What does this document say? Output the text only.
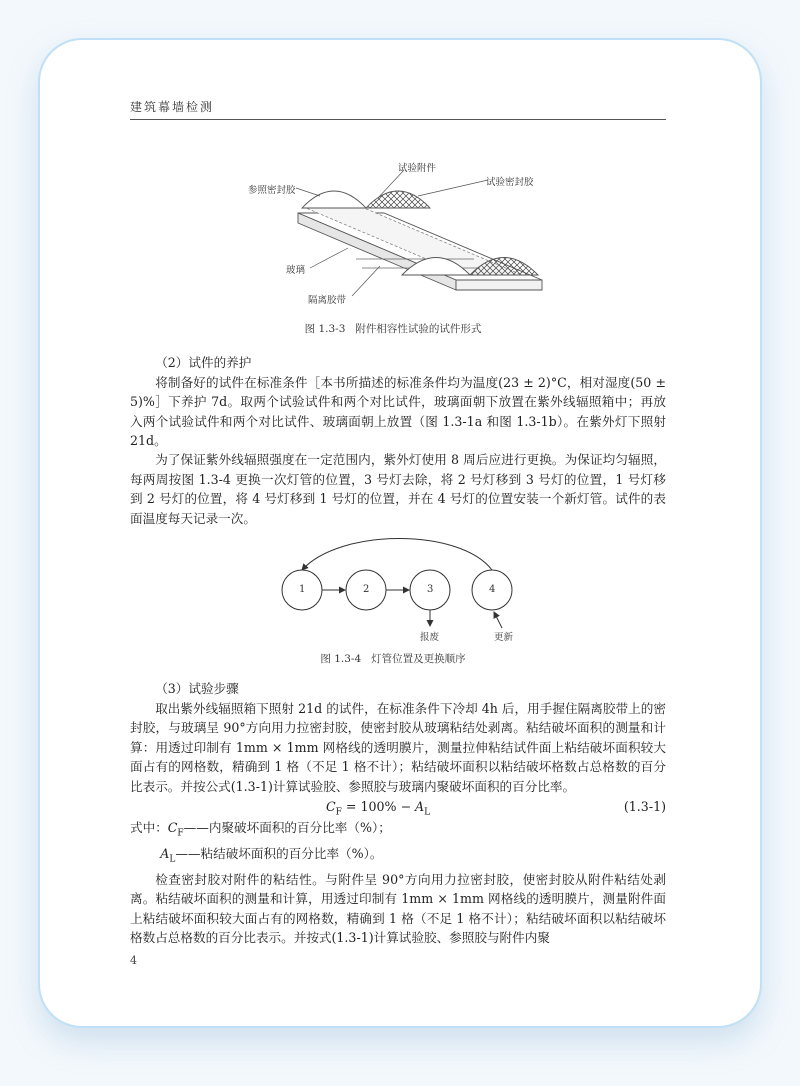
建筑幕墙检测
参照密封胶
试验附件
试验密封胶
玻璃
隔离胶带

图 1.3-3 附件相容性试验的试件形式

（2）试件的养护

将制备好的试件在标准条件［本书所描述的标准条件均为温度(23 ± 2)°C，相对湿度(50 ± 5)%］下养护 7d。取两个试验试件和两个对比试件，玻璃面朝下放置在紫外线辐照箱中；再放入两个试验试件和两个对比试件、玻璃面朝上放置（图 1.3-1a 和图 1.3-1b）。在紫外灯下照射 21d。

为了保证紫外线辐照强度在一定范围内，紫外灯使用 8 周后应进行更换。为保证均匀辐照，每两周按图 1.3-4 更换一次灯管的位置，3 号灯去除，将 2 号灯移到 3 号灯的位置，1 号灯移到 2 号灯的位置，将 4 号灯移到 1 号灯的位置，并在 4 号灯的位置安装一个新灯管。试件的表面温度每天记录一次。

1	2	3	4
报废	更新

图 1.3-4 灯管位置及更换顺序

（3）试验步骤

取出紫外线辐照箱下照射 21d 的试件，在标准条件下冷却 4h 后，用手握住隔离胶带上的密封胶，与玻璃呈 90°方向用力拉密封胶，使密封胶从玻璃粘结处剥离。粘结破坏面积的测量和计算：用透过印制有 1mm × 1mm 网格线的透明膜片，测量拉伸粘结试件面上粘结破坏面积较大面占有的网格数，精确到 1 格（不足 1 格不计）；粘结破坏面积以粘结破坏格数占总格数的百分比表示。并按公式(1.3-1)计算试验胶、参照胶与玻璃内聚破坏面积的百分比率。

$C_F = 100\% - A_L$	(1.3-1)
式中：$C_F——$内聚破坏面积的百分比率（%）；
$A_L——$粘结破坏面积的百分比率（%）。

检查密封胶对附件的粘结性。与附件呈 90°方向用力拉密封胶，使密封胶从附件粘结处剥离。粘结破坏面积的测量和计算，用透过印制有 1mm × 1mm 网格线的透明膜片，测量附件面上粘结破坏面积较大面占有的网格数，精确到 1 格（不足 1 格不计）；粘结破坏面积以粘结破坏格数占总格数的百分比表示。并按式(1.3-1)计算试验胶、参照胶与附件内聚

4
